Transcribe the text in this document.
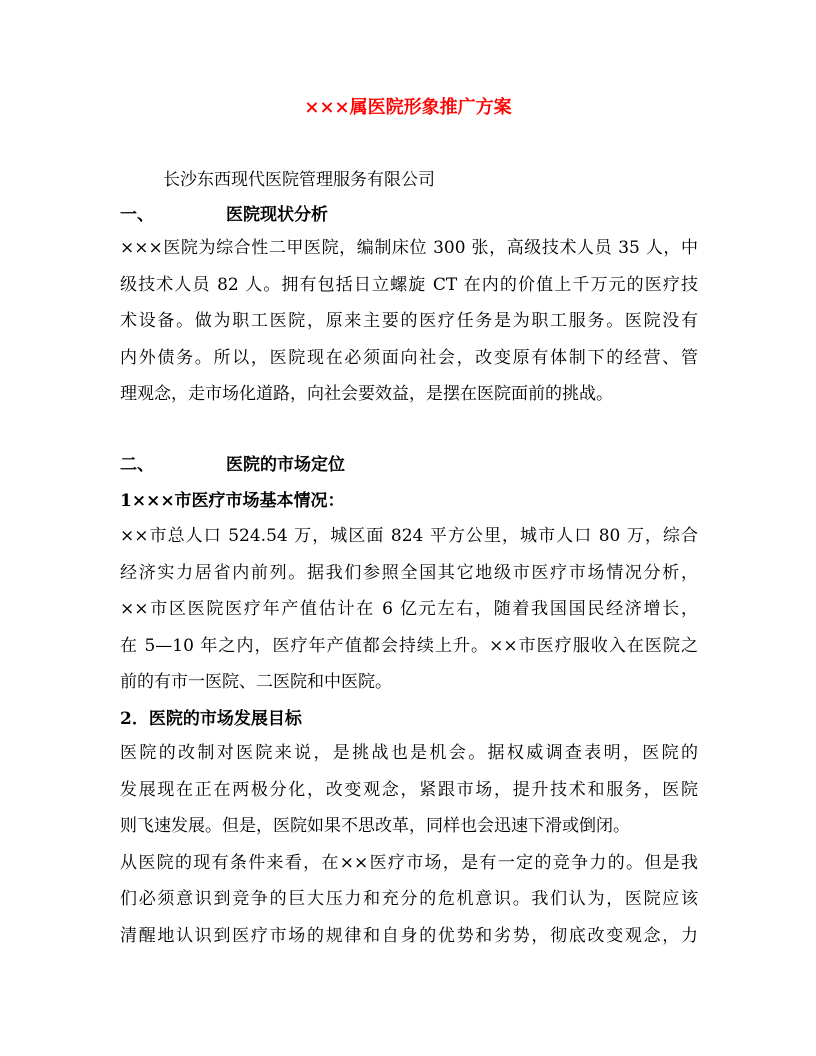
×××属医院形象推广方案
长沙东西现代医院管理服务有限公司
一、	医院现状分析
×××医院为综合性二甲医院，编制床位 300 张，高级技术人员 35 人，中
级技术人员 82 人。拥有包括日立螺旋 CT 在内的价值上千万元的医疗技
术设备。做为职工医院，原来主要的医疗任务是为职工服务。医院没有
内外债务。所以，医院现在必须面向社会，改变原有体制下的经营、管
理观念，走市场化道路，向社会要效益，是摆在医院面前的挑战。
二、	医院的市场定位
1×××市医疗市场基本情况：
××市总人口 524.54 万，城区面 824 平方公里，城市人口 80 万，综合
经济实力居省内前列。据我们参照全国其它地级市医疗市场情况分析，
××市区医院医疗年产值估计在 6 亿元左右，随着我国国民经济增长，
在 5—10 年之内，医疗年产值都会持续上升。××市医疗服收入在医院之
前的有市一医院、二医院和中医院。
2．医院的市场发展目标
医院的改制对医院来说，是挑战也是机会。据权威调查表明，医院的
发展现在正在两极分化，改变观念，紧跟市场，提升技术和服务，医院
则飞速发展。但是，医院如果不思改革，同样也会迅速下滑或倒闭。
从医院的现有条件来看，在××医疗市场，是有一定的竞争力的。但是我
们必须意识到竞争的巨大压力和充分的危机意识。我们认为，医院应该
清醒地认识到医疗市场的规律和自身的优势和劣势，彻底改变观念，力
